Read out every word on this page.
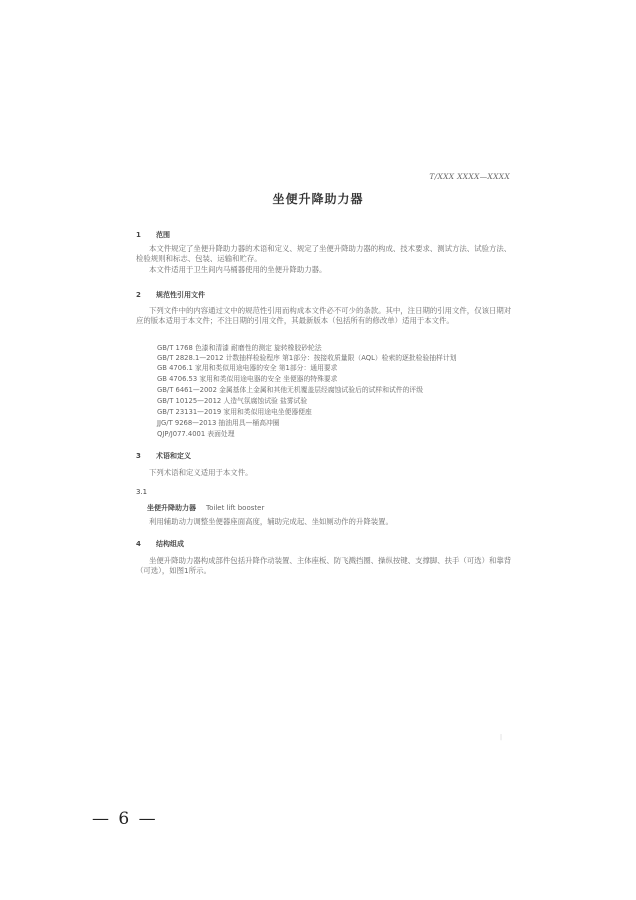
T/XXX XXXX—XXXX
坐便升降助力器
1 范围
本文件规定了坐便升降助力器的术语和定义、规定了坐便升降助力器的构成、技术要求、测试方法、试验方法、检验规则和标志、包装、运输和贮存。
本文件适用于卫生间内马桶器使用的坐便升降助力器。
2 规范性引用文件
下列文件中的内容通过文中的规范性引用而构成本文件必不可少的条款。其中，注日期的引用文件，仅该日期对应的版本适用于本文件；不注日期的引用文件，其最新版本（包括所有的修改单）适用于本文件。
GB/T 1768 色漆和清漆 耐磨性的测定 旋转橡胶砂轮法
GB/T 2828.1—2012 计数抽样检验程序 第1部分：按接收质量限（AQL）检索的逐批检验抽样计划
GB 4706.1 家用和类似用途电器的安全 第1部分：通用要求
GB 4706.53 家用和类似用途电器的安全 坐便器的特殊要求
GB/T 6461—2002 金属基体上金属和其他无机覆盖层经腐蚀试验后的试样和试件的评级
GB/T 10125—2012 人造气氛腐蚀试验 盐雾试验
GB/T 23131—2019 家用和类似用途电坐便器便座
JJG/T 9268—2013 抽油用具—桶高冲圈
QJP/J077.4001 表面处理
3 术语和定义
下列术语和定义适用于本文件。
3.1
坐便升降助力器 Toilet lift booster
利用辅助动力调整坐便器座面高度，辅助完成起、坐如厕动作的升降装置。
4 结构组成
坐便升降助力器构成部件包括升降作动装置、主体座板、防飞溅挡圈、操纵按键、支撑脚、扶手（可选）和靠背（可选），如图1所示。
|
— 6 —
